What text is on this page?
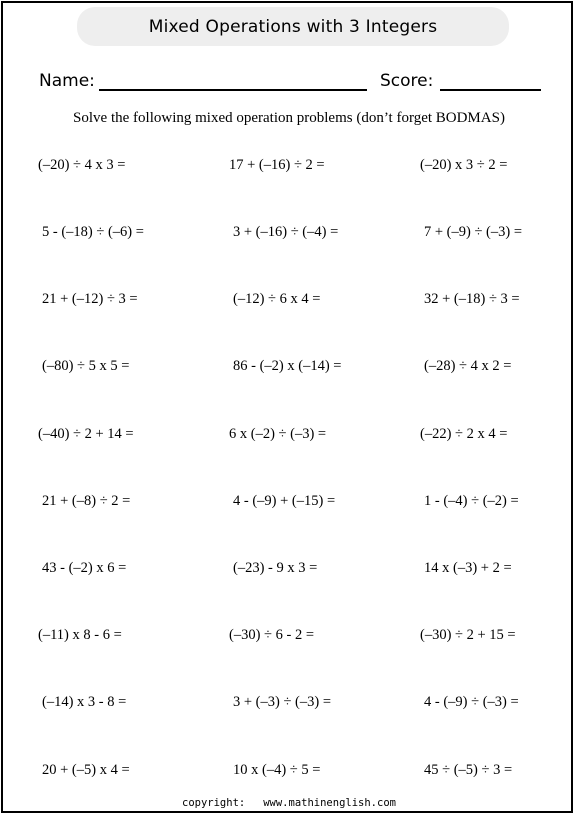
Mixed Operations with 3 Integers
Name:	Score:
Solve the following mixed operation problems (don’t forget BODMAS)
(–20) ÷ 4 x 3 =	17 + (–16) ÷ 2 =	(–20) x 3 ÷ 2 =
5 - (–18) ÷ (–6) =	3 + (–16) ÷ (–4) =	7 + (–9) ÷ (–3) =
21 + (–12) ÷ 3 =	(–12) ÷ 6 x 4 =	32 + (–18) ÷ 3 =
(–80) ÷ 5 x 5 =	86 - (–2) x (–14) =	(–28) ÷ 4 x 2 =
(–40) ÷ 2 + 14 =	6 x (–2) ÷ (–3) =	(–22) ÷ 2 x 4 =
21 + (–8) ÷ 2 =	4 - (–9) + (–15) =	1 - (–4) ÷ (–2) =
43 - (–2) x 6 =	(–23) - 9 x 3 =	14 x (–3) + 2 =
(–11) x 8 - 6 =	(–30) ÷ 6 - 2 =	(–30) ÷ 2 + 15 =
(–14) x 3 - 8 =	3 + (–3) ÷ (–3) =	4 - (–9) ÷ (–3) =
20 + (–5) x 4 =	10 x (–4) ÷ 5 =	45 ÷ (–5) ÷ 3 =
copyright: www.mathinenglish.com
